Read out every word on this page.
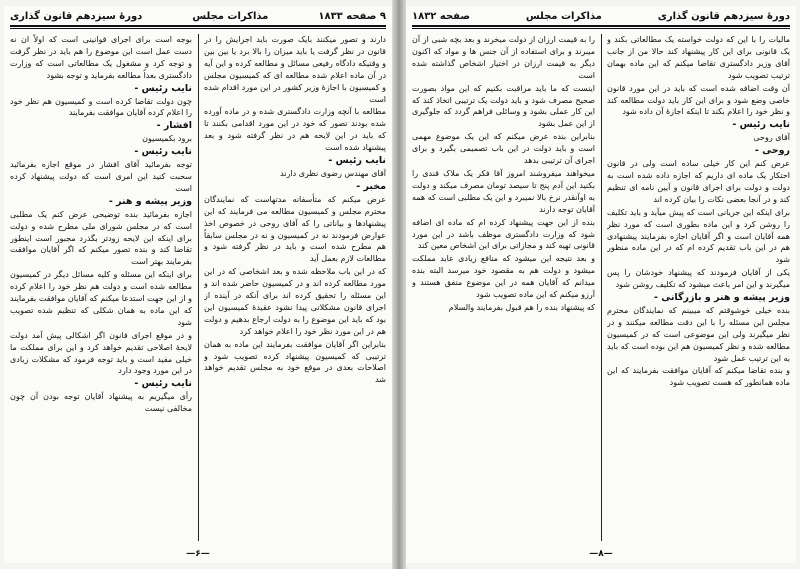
۹ صفحه ۱۸۳۳
مذاکرات مجلس
دورهٔ سیزدهم قانون گذاری

دارند و تصور میکنند بایک صورت باید اجرایش را در قانون در نظر گرفت یا باید میزان را بالا برد یا بین بین و وقتیکه دادگاه رفیعی مسائل و مطالعه کرده و این آیه در آن ماده اعلام شده مطالعه ای که کمیسیون مجلس و کمیسیون با اجازهٔ وزیر کشور در این مورد اقدام شده است

مطالعه با آنچه وزارت دادگستری شده و در ماده آورده شده بودند تصور که خود در این مورد اقدامی بکنند تا که باید در این لایحه هم در نظر گرفته شود و بعد پیشنهاد شده است

نایب رئیس -

آقای مهندس رضوی نظری دارند

مخبر -

عرض میکنم که متأسفانه مدتهاست که نمایندگان محترم مجلس و کمیسیون مطالعه می فرمایند که این پیشنهادها و بیاناتی را که آقای روحی در خصوص اخذ عوارض فرمودند نه در کمیسیون و نه در مجلس سابقاً هم مطرح شده است و باید در نظر گرفته شود و مطالعات لازم بعمل آید

که در این باب ملاحظه شده و بعد اشخاصی که در این مورد مطالعه کرده اند و در کمیسیون حاضر شده اند و این مسئله را تحقیق کرده اند برای آنکه در آینده از اجرای قانون مشکلاتی پیدا نشود عقیدهٔ کمیسیون این بود که باید این موضوع را به دولت ارجاع بدهیم و دولت هم در این مورد نظر خود را اعلام خواهد کرد

بنابراین اگر آقایان موافقت بفرمایند این ماده به همان ترتیبی که کمیسیون پیشنهاد کرده تصویب شود و اصلاحات بعدی در موقع خود به مجلس تقدیم خواهد شد

بوجه است برای اجرای قوانینی است که اولاً ان نه دست عمل است این موضوع را هم باید در نظر گرفت و توجه کرد و مشغول یک مطالعاتی است که وزارت دادگستری بعداً مطالعه بفرماید و توجه بشود

نایب رئیس -

چون دولت تقاضا کرده است و کمیسیون هم نظر خود را اعلام کرده آقایان موافقت بفرمایند

افشار -

برود بکمیسیون

نایب رئیس -

توجه بفرمائید آقای افشار در موقع اجازه بفرمائید سحبت کنید این امری است که دولت پیشنهاد کرده است

وزیر پیشه و هنر -

اجازه بفرمائید بنده توضیحی عرض کنم یک مطلبی است که در مجلس شورای ملی مطرح شده و دولت برای اینکه این لایحه زودتر بگذرد مجبور است اینطور تقاضا کند و بنده تصور میکنم که اگر آقایان موافقت بفرمایند بهتر است

برای اینکه این مسئله و کلیه مسائل دیگر در کمیسیون مطالعه شده است و دولت هم نظر خود را اعلام کرده و از این جهت استدعا میکنم که آقایان موافقت بفرمایند که این ماده به همان شکلی که تنظیم شده تصویب شود

و در موقع اجرای قانون اگر اشکالی پیش آمد دولت لایحهٔ اصلاحی تقدیم خواهد کرد و این برای مملکت ما خیلی مفید است و باید توجه فرمود که مشکلات زیادی در این مورد وجود دارد

نایب رئیس -

رأی میگیریم به پیشنهاد آقایان توجه بودن آن چون مخالفی نیست

—۶—
دورهٔ سیزدهم قانون گذاری
مذاکرات مجلس
صفحه ۱۸۳۲

مالیات را با این که دولت خواسته یک مطالعاتی بکند و یک قانونی برای این کار پیشنهاد کند حالا من از جانب آقای وزیر دادگستری تقاضا میکنم که این ماده بهمان ترتیب تصویب شود

آن وقت اضافه شده است که باید در این مورد قانون خاصی وضع شود و برای این کار باید دولت مطالعه کند و نظر خود را اعلام بکند تا اینکه اجازهٔ آن داده شود

نایب رئیس -

آقای روحی

روحی -

عرض کنم این کار خیلی ساده است ولی در قانون احتکار یک ماده ای داریم که اجازه داده شده است به دولت و دولت برای اجرای قانون و آیین نامه ای تنظیم کند و در آنجا بعضی نکات را بیان کرده اند

برای اینکه این جریانی است که پیش میآید و باید تکلیف را روشن کرد و این ماده بطوری است که مورد نظر همه آقایان است و اگر آقایان اجازه بفرمایند پیشنهادی هم در این باب تقدیم کرده ام که در این ماده منظور شود

یکی از آقایان فرمودند که پیشنهاد خودشان را پس میگیرند و این امر باعث میشود که تکلیف روشن شود

وزیر پیشه و هنر و بازرگانی -

بنده خیلی خوشوقتم که میبینم که نمایندگان محترم مجلس این مسئله را با این دقت مطالعه میکنند و در نظر میگیرند ولی این موضوعی است که در کمیسیون مطالعه شده و نظر کمیسیون هم این بوده است که باید به این ترتیب عمل شود

و بنده تقاضا میکنم که آقایان موافقت بفرمایند که این ماده همانطور که هست تصویب شود

را به قیمت ارزان از دولت میخرند و بعد بچه شبی از آن میبرند و برای استفاده از آن جنس ها و مواد که اکنون دیگر به قیمت ارزان در اختیار اشخاص گذاشته شده است

اینست که ما باید مراقبت بکنیم که این مواد بصورت صحیح مصرف شود و باید دولت یک ترتیبی اتخاذ کند که این کار عملی بشود و وسائلی فراهم گردد که جلوگیری از این عمل بشود

بنابراین بنده عرض میکنم که این یک موضوع مهمی است و باید دولت در این باب تصمیمی بگیرد و برای اجرای آن ترتیبی بدهد

میخواهند میفروشند امروز آقا فکر یک ملاک قندی را بکنید این آدم پنج تا سیصد تومان مصرف میکند و دولت به اوآنقدر نرخ بالا نمیبرد و این یک مطلبی است که همه آقایان توجه دارند

بنده از این جهت پیشنهاد کرده ام که ماده ای اضافه شود که وزارت دادگستری موظف باشد در این مورد قانونی تهیه کند و مجازاتی برای این اشخاص معین کند

و بعد نتیجه این میشود که منافع زیادی عاید مملکت میشود و دولت هم به مقصود خود میرسد البته بنده میدانم که آقایان همه در این موضوع متفق هستند و آرزو میکنم که این ماده تصویب شود

که پیشنهاد بنده را هم قبول بفرمایند والسلام

—۸—
